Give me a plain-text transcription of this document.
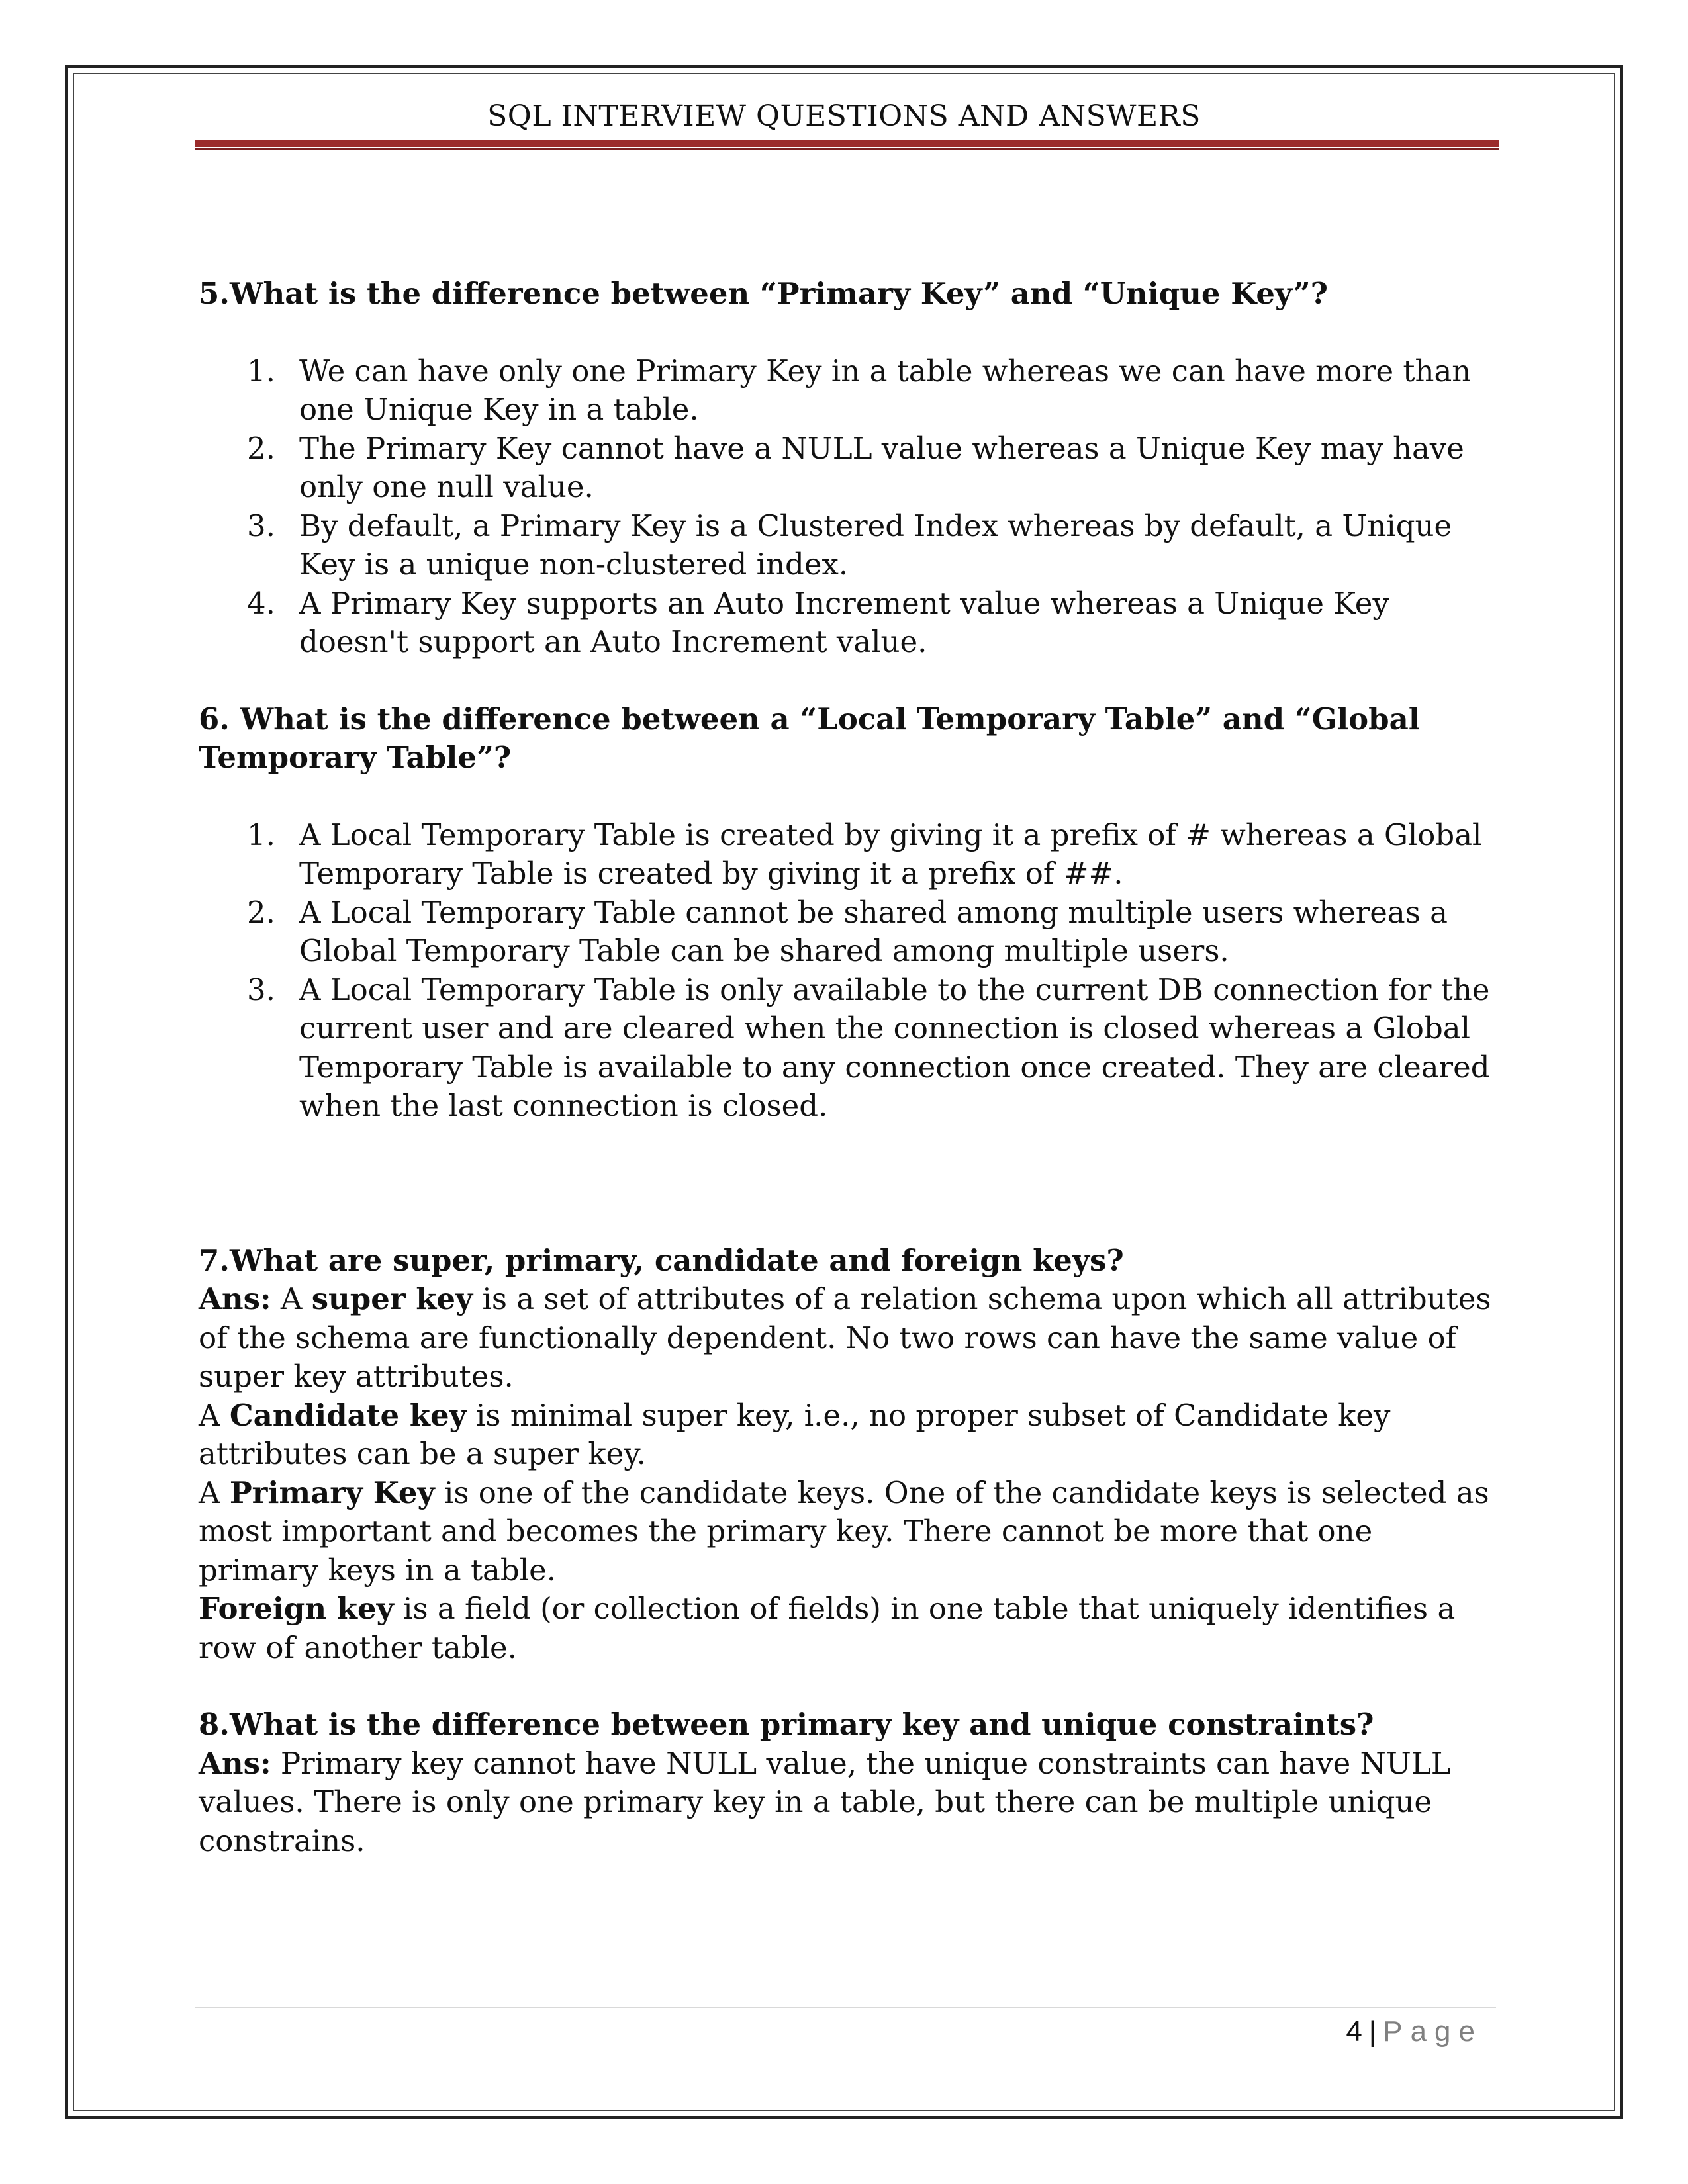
SQL INTERVIEW QUESTIONS AND ANSWERS

5.What is the difference between “Primary Key” and “Unique Key”?

1. We can have only one Primary Key in a table whereas we can have more than one Unique Key in a table.
2. The Primary Key cannot have a NULL value whereas a Unique Key may have only one null value.
3. By default, a Primary Key is a Clustered Index whereas by default, a Unique Key is a unique non-clustered index.
4. A Primary Key supports an Auto Increment value whereas a Unique Key doesn't support an Auto Increment value.

6. What is the difference between a “Local Temporary Table” and “Global Temporary Table”?

1. A Local Temporary Table is created by giving it a prefix of # whereas a Global Temporary Table is created by giving it a prefix of ##.
2. A Local Temporary Table cannot be shared among multiple users whereas a Global Temporary Table can be shared among multiple users.
3. A Local Temporary Table is only available to the current DB connection for the current user and are cleared when the connection is closed whereas a Global Temporary Table is available to any connection once created. They are cleared when the last connection is closed.

7.What are super, primary, candidate and foreign keys?

Ans: A super key is a set of attributes of a relation schema upon which all attributes of the schema are functionally dependent. No two rows can have the same value of super key attributes.

A Candidate key is minimal super key, i.e., no proper subset of Candidate key attributes can be a super key.

A Primary Key is one of the candidate keys. One of the candidate keys is selected as most important and becomes the primary key. There cannot be more that one primary keys in a table.

Foreign key is a field (or collection of fields) in one table that uniquely identifies a row of another table.

8.What is the difference between primary key and unique constraints?

Ans: Primary key cannot have NULL value, the unique constraints can have NULL values. There is only one primary key in a table, but there can be multiple unique constrains.

4 | Page
